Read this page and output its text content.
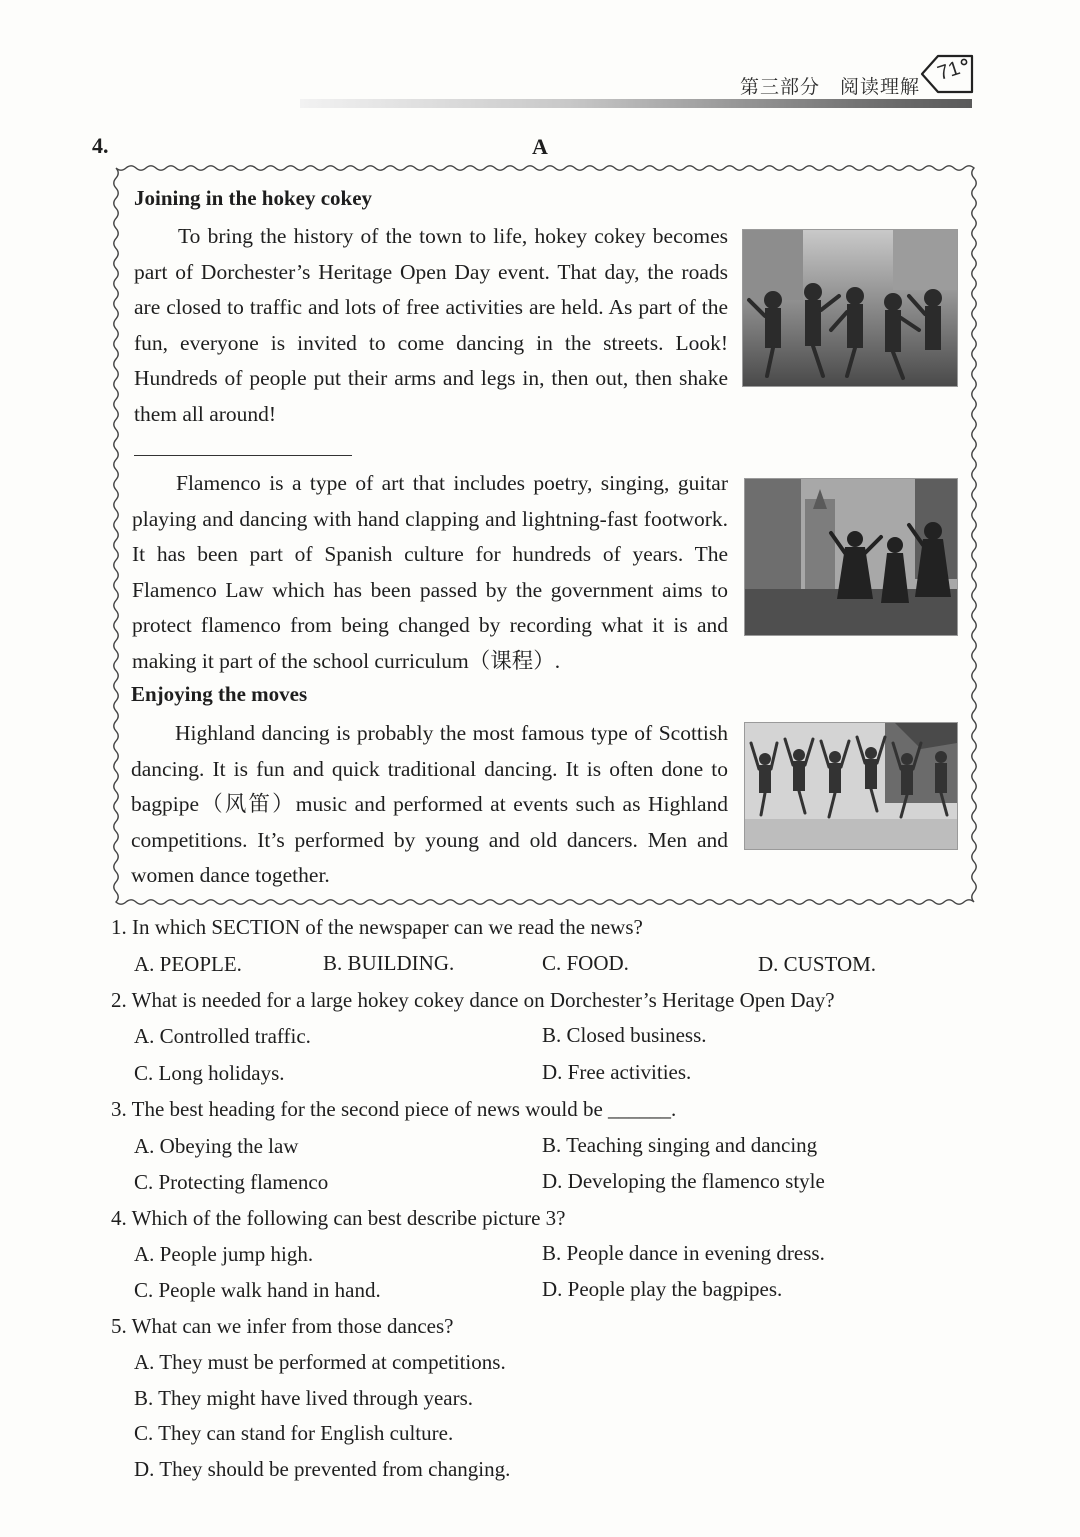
第三部分　阅读理解
71
4.	A
Joining in the hokey cokey
To bring the history of the town to life, hokey cokey becomes part of Dorchester’s Heritage Open Day event. That day, the roads are closed to traffic and lots of free activities are held. As part of the fun, everyone is invited to come dancing in the streets. Look! Hundreds of people put their arms and legs in, then out, then shake them all around!
Flamenco is a type of art that includes poetry, singing, guitar playing and dancing with hand clapping and lightning-fast footwork. It has been part of Spanish culture for hundreds of years. The Flamenco Law which has been passed by the government aims to protect flamenco from being changed by recording what it is and making it part of the school curriculum（课程）.
Enjoying the moves
Highland dancing is probably the most famous type of Scottish dancing. It is fun and quick traditional dancing. It is often done to bagpipe（风笛）music and performed at events such as Highland competitions. It’s performed by young and old dancers. Men and women dance together.
1. In which SECTION of the newspaper can we read the news?
A. PEOPLE.	B. BUILDING.	C. FOOD.	D. CUSTOM.
2. What is needed for a large hokey cokey dance on Dorchester’s Heritage Open Day?
A. Controlled traffic.	B. Closed business.
C. Long holidays.	D. Free activities.
3. The best heading for the second piece of news would be ______.
A. Obeying the law	B. Teaching singing and dancing
C. Protecting flamenco	D. Developing the flamenco style
4. Which of the following can best describe picture 3?
A. People jump high.	B. People dance in evening dress.
C. People walk hand in hand.	D. People play the bagpipes.
5. What can we infer from those dances?
A. They must be performed at competitions.
B. They might have lived through years.
C. They can stand for English culture.
D. They should be prevented from changing.
